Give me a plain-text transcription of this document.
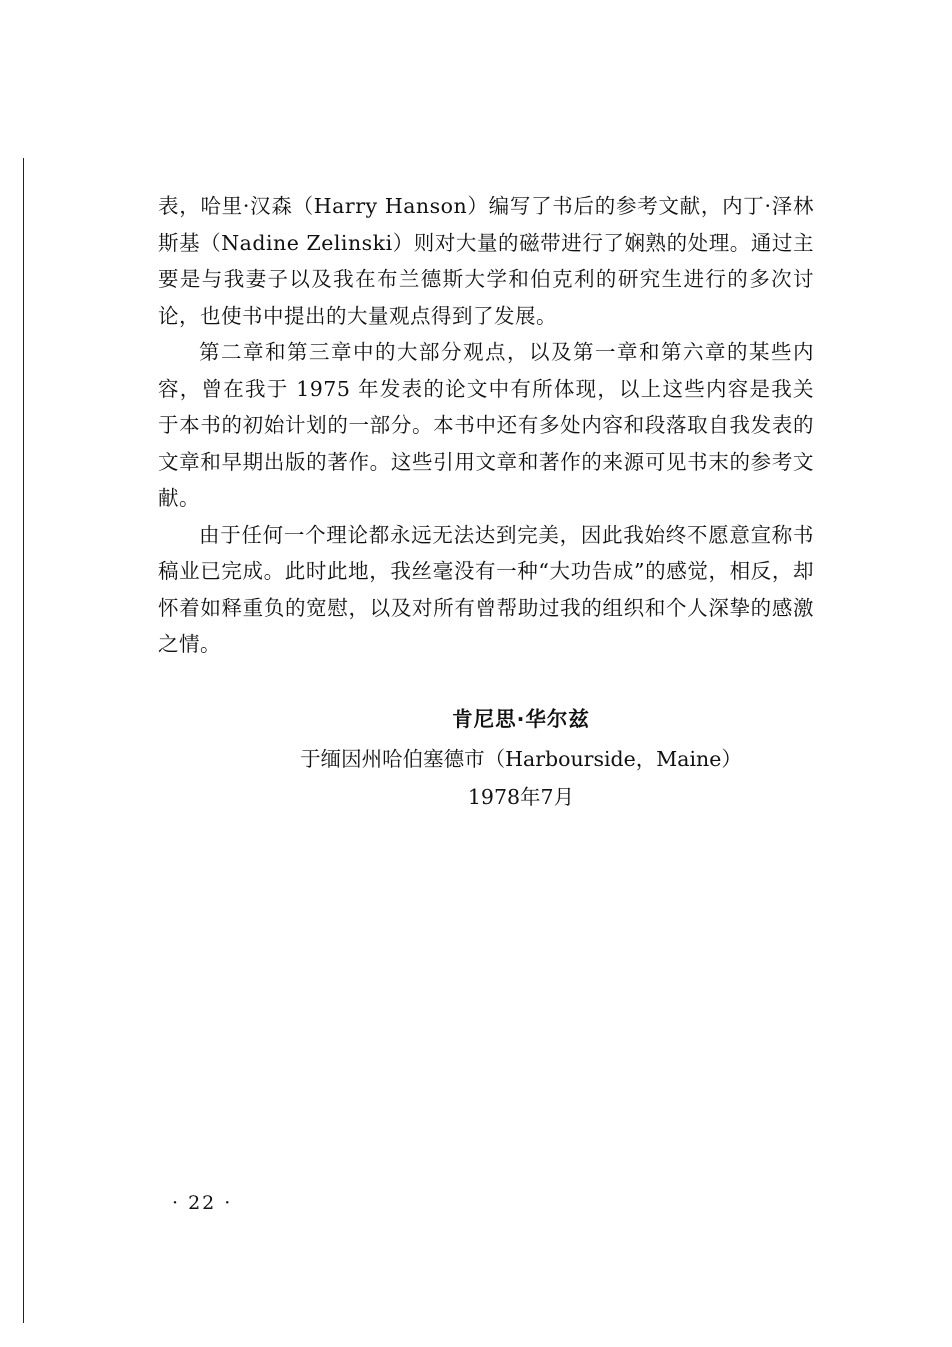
表，哈里·汉森（Harry Hanson）编写了书后的参考文献，内丁·泽林斯基（Nadine Zelinski）则对大量的磁带进行了娴熟的处理。通过主要是与我妻子以及我在布兰德斯大学和伯克利的研究生进行的多次讨论，也使书中提出的大量观点得到了发展。

第二章和第三章中的大部分观点，以及第一章和第六章的某些内容，曾在我于 1975 年发表的论文中有所体现，以上这些内容是我关于本书的初始计划的一部分。本书中还有多处内容和段落取自我发表的文章和早期出版的著作。这些引用文章和著作的来源可见书末的参考文献。

由于任何一个理论都永远无法达到完美，因此我始终不愿意宣称书稿业已完成。此时此地，我丝毫没有一种“大功告成”的感觉，相反，却怀着如释重负的宽慰，以及对所有曾帮助过我的组织和个人深挚的感激之情。

肯尼思·华尔兹
于缅因州哈伯塞德市（Harbourside，Maine）
1978年7月
· 22 ·
